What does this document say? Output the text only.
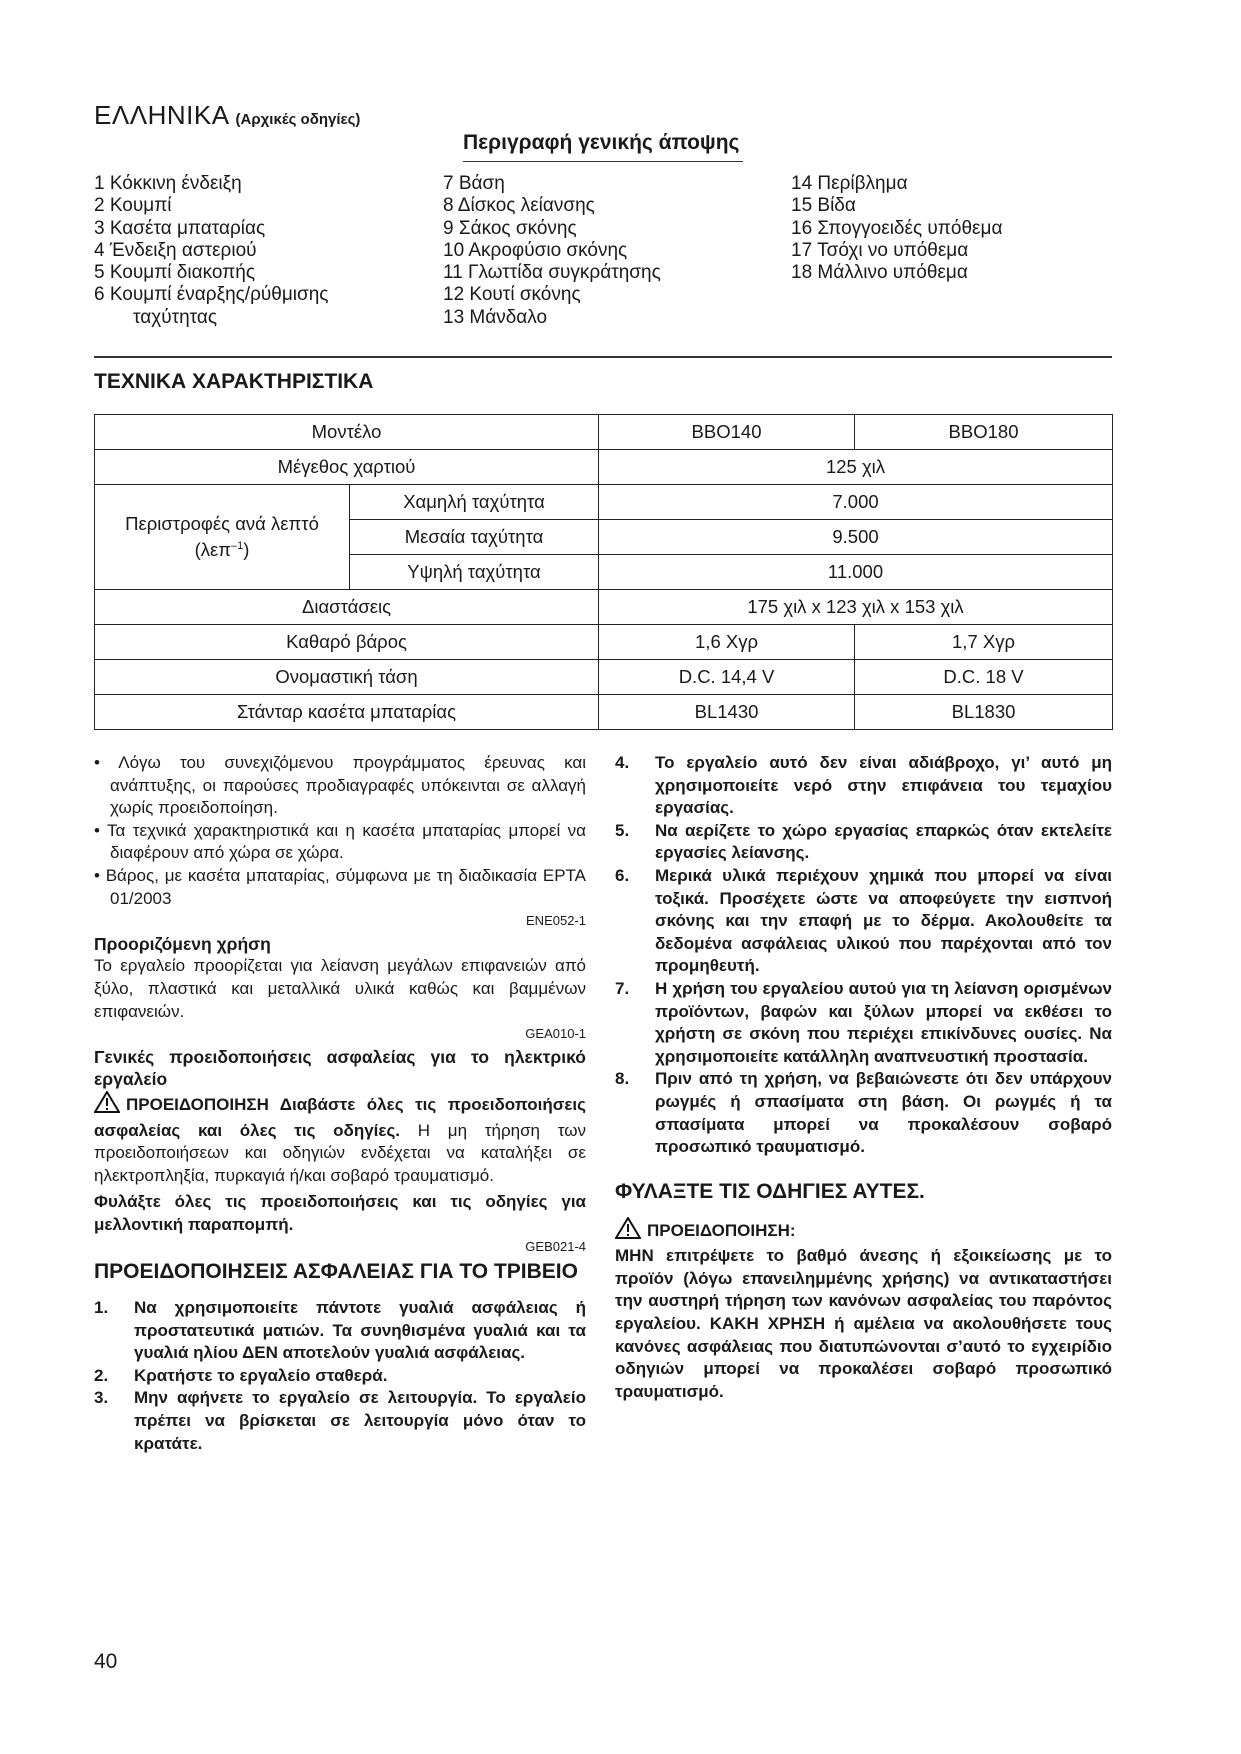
ΕΛΛΗΝΙΚΑ (Αρχικές οδηγίες)
Περιγραφή γενικής άποψης
1 Κόκκινη ένδειξη
2 Κουμπί
3 Κασέτα μπαταρίας
4 Ένδειξη αστεριού
5 Κουμπί διακοπής
6 Κουμπί έναρξης/ρύθμισης
ταχύτητας
7 Βάση
8 Δίσκος λείανσης
9 Σάκος σκόνης
10 Ακροφύσιο σκόνης
11 Γλωττίδα συγκράτησης
12 Κουτί σκόνης
13 Μάνδαλο
14 Περίβλημα
15 Βίδα
16 Σπογγοειδές υπόθεμα
17 Τσόχι νο υπόθεμα
18 Μάλλινο υπόθεμα
ΤΕΧΝΙΚΑ ΧΑΡΑΚΤΗΡΙΣΤΙΚΑ
Μοντέλο		BBO140	BBO180
Μέγεθος χαρτιού		125 χιλ	

Περιστροφές ανά λεπτό
(λεπ$^{-1}$)	Χαμηλή ταχύτητα	7.000	
	Μεσαία ταχύτητα	9.500	
	Υψηλή ταχύτητα	11.000	
Διαστάσεις		175 χιλ x 123 χιλ x 153 χιλ	
Καθαρό βάρος		1,6 Χγρ	1,7 Χγρ
Ονομαστική τάση		D.C. 14,4 V	D.C. 18 V
Στάνταρ κασέτα μπαταρίας		BL1430	BL1830

• Λόγω του συνεχιζόμενου προγράμματος έρευνας και ανάπτυξης, οι παρούσες προδιαγραφές υπόκεινται σε αλλαγή χωρίς προειδοποίηση.

• Τα τεχνικά χαρακτηριστικά και η κασέτα μπαταρίας μπορεί να διαφέρουν από χώρα σε χώρα.

• Βάρος, με κασέτα μπαταρίας, σύμφωνα με τη διαδικασία EPTA 01/2003

ENE052-1

Προοριζόμενη χρήση

Το εργαλείο προορίζεται για λείανση μεγάλων επιφανειών από ξύλο, πλαστικά και μεταλλικά υλικά καθώς και βαμμένων επιφανειών.

GEA010-1

Γενικές προειδοποιήσεις ασφαλείας για το ηλεκτρικό εργαλείο

ΠΡΟΕΙΔΟΠΟΙΗΣΗ Διαβάστε όλες τις προειδοποιήσεις ασφαλείας και όλες τις οδηγίες. Η μη τήρηση των προειδοποιήσεων και οδηγιών ενδέχεται να καταλήξει σε ηλεκτροπληξία, πυρκαγιά ή/και σοβαρό τραυματισμό.

Φυλάξτε όλες τις προειδοποιήσεις και τις οδηγίες για μελλοντική παραπομπή.

GEB021-4

ΠΡΟΕΙΔΟΠΟΙΗΣΕΙΣ ΑΣΦΑΛΕΙΑΣ ΓΙΑ ΤΟ ΤΡΙΒΕΙΟ

1. Να χρησιμοποιείτε πάντοτε γυαλιά ασφάλειας ή προστατευτικά ματιών. Τα συνηθισμένα γυαλιά και τα γυαλιά ηλίου ΔΕΝ αποτελούν γυαλιά ασφάλειας.

2. Κρατήστε το εργαλείο σταθερά.

3. Μην αφήνετε το εργαλείο σε λειτουργία. Το εργαλείο πρέπει να βρίσκεται σε λειτουργία μόνο όταν το κρατάτε.

4. Το εργαλείο αυτό δεν είναι αδιάβροχο, γι’ αυτό μη χρησιμοποιείτε νερό στην επιφάνεια του τεμαχίου εργασίας.

5. Να αερίζετε το χώρο εργασίας επαρκώς όταν εκτελείτε εργασίες λείανσης.

6. Μερικά υλικά περιέχουν χημικά που μπορεί να είναι τοξικά. Προσέχετε ώστε να αποφεύγετε την εισπνοή σκόνης και την επαφή με το δέρμα. Ακολουθείτε τα δεδομένα ασφάλειας υλικού που παρέχονται από τον προμηθευτή.

7. Η χρήση του εργαλείου αυτού για τη λείανση ορισμένων προϊόντων, βαφών και ξύλων μπορεί να εκθέσει το χρήστη σε σκόνη που περιέχει επικίνδυνες ουσίες. Να χρησιμοποιείτε κατάλληλη αναπνευστική προστασία.

8. Πριν από τη χρήση, να βεβαιώνεστε ότι δεν υπάρχουν ρωγμές ή σπασίματα στη βάση. Οι ρωγμές ή τα σπασίματα μπορεί να προκαλέσουν σοβαρό προσωπικό τραυματισμό.

ΦΥΛΑΞΤΕ ΤΙΣ ΟΔΗΓΙΕΣ ΑΥΤΕΣ.

ΠΡΟΕΙΔΟΠΟΙΗΣΗ:

ΜΗΝ επιτρέψετε το βαθμό άνεσης ή εξοικείωσης με το προϊόν (λόγω επανειλημμένης χρήσης) να αντικαταστήσει την αυστηρή τήρηση των κανόνων ασφαλείας του παρόντος εργαλείου. ΚΑΚΗ ΧΡΗΣΗ ή αμέλεια να ακολουθήσετε τους κανόνες ασφάλειας που διατυπώνονται σ’αυτό το εγχειρίδιο οδηγιών μπορεί να προκαλέσει σοβαρό προσωπικό τραυματισμό.

40
